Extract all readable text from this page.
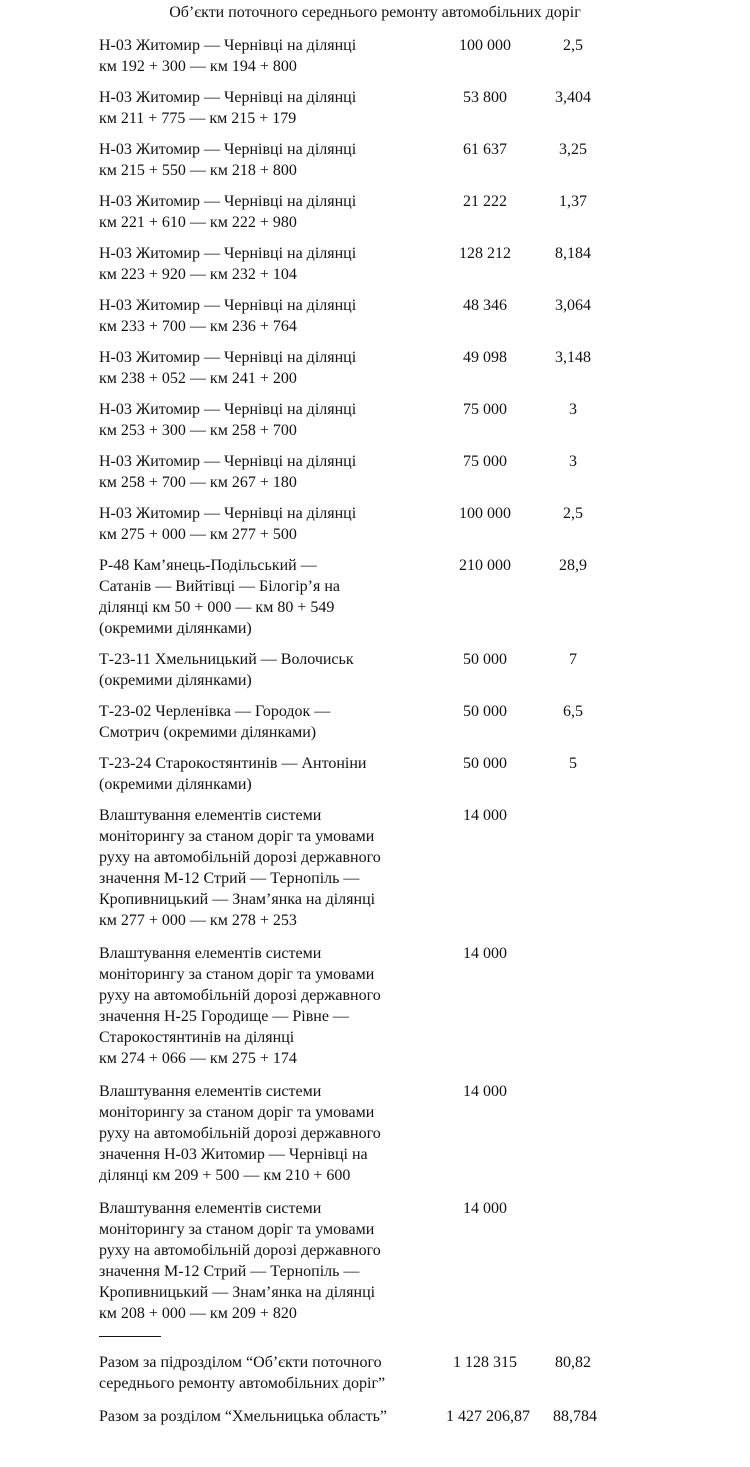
Об’єкти поточного середнього ремонту автомобільних доріг
Н-03 Житомир — Чернівці на ділянці
км 192 + 300 — км 194 + 800
100 000	2,5
Н-03 Житомир — Чернівці на ділянці
км 211 + 775 — км 215 + 179
53 800	3,404
Н-03 Житомир — Чернівці на ділянці
км 215 + 550 — км 218 + 800
61 637	3,25
Н-03 Житомир — Чернівці на ділянці
км 221 + 610 — км 222 + 980
21 222	1,37
Н-03 Житомир — Чернівці на ділянці
км 223 + 920 — км 232 + 104
128 212	8,184
Н-03 Житомир — Чернівці на ділянці
км 233 + 700 — км 236 + 764
48 346	3,064
Н-03 Житомир — Чернівці на ділянці
км 238 + 052 — км 241 + 200
49 098	3,148
Н-03 Житомир — Чернівці на ділянці
км 253 + 300 — км 258 + 700
75 000	3
Н-03 Житомир — Чернівці на ділянці
км 258 + 700 — км 267 + 180
75 000	3
Н-03 Житомир — Чернівці на ділянці
км 275 + 000 — км 277 + 500
100 000	2,5
Р-48 Кам’янець-Подільський —
Сатанів — Вийтівці — Білогір’я на
ділянці км 50 + 000 — км 80 + 549
(окремими ділянками)
210 000	28,9
Т-23-11 Хмельницький — Волочиськ
(окремими ділянками)
50 000	7
Т-23-02 Черленівка — Городок —
Смотрич (окремими ділянками)
50 000	6,5
Т-23-24 Старокостянтинів — Антоніни
(окремими ділянками)
50 000	5
Влаштування елементів системи
моніторингу за станом доріг та умовами
руху на автомобільній дорозі державного
значення М-12 Стрий — Тернопіль —
Кропивницький — Знам’янка на ділянці
км 277 + 000 — км 278 + 253
14 000
Влаштування елементів системи
моніторингу за станом доріг та умовами
руху на автомобільній дорозі державного
значення Н-25 Городище — Рівне —
Старокостянтинів на ділянці
км 274 + 066 — км 275 + 174
14 000
Влаштування елементів системи
моніторингу за станом доріг та умовами
руху на автомобільній дорозі державного
значення Н-03 Житомир — Чернівці на
ділянці км 209 + 500 — км 210 + 600
14 000
Влаштування елементів системи
моніторингу за станом доріг та умовами
руху на автомобільній дорозі державного
значення М-12 Стрий — Тернопіль —
Кропивницький — Знам’янка на ділянці
км 208 + 000 — км 209 + 820
14 000
Разом за підрозділом “Об’єкти поточного
середнього ремонту автомобільних доріг”
1 128 315	80,82
Разом за розділом “Хмельницька область”	1 427 206,87	88,784
